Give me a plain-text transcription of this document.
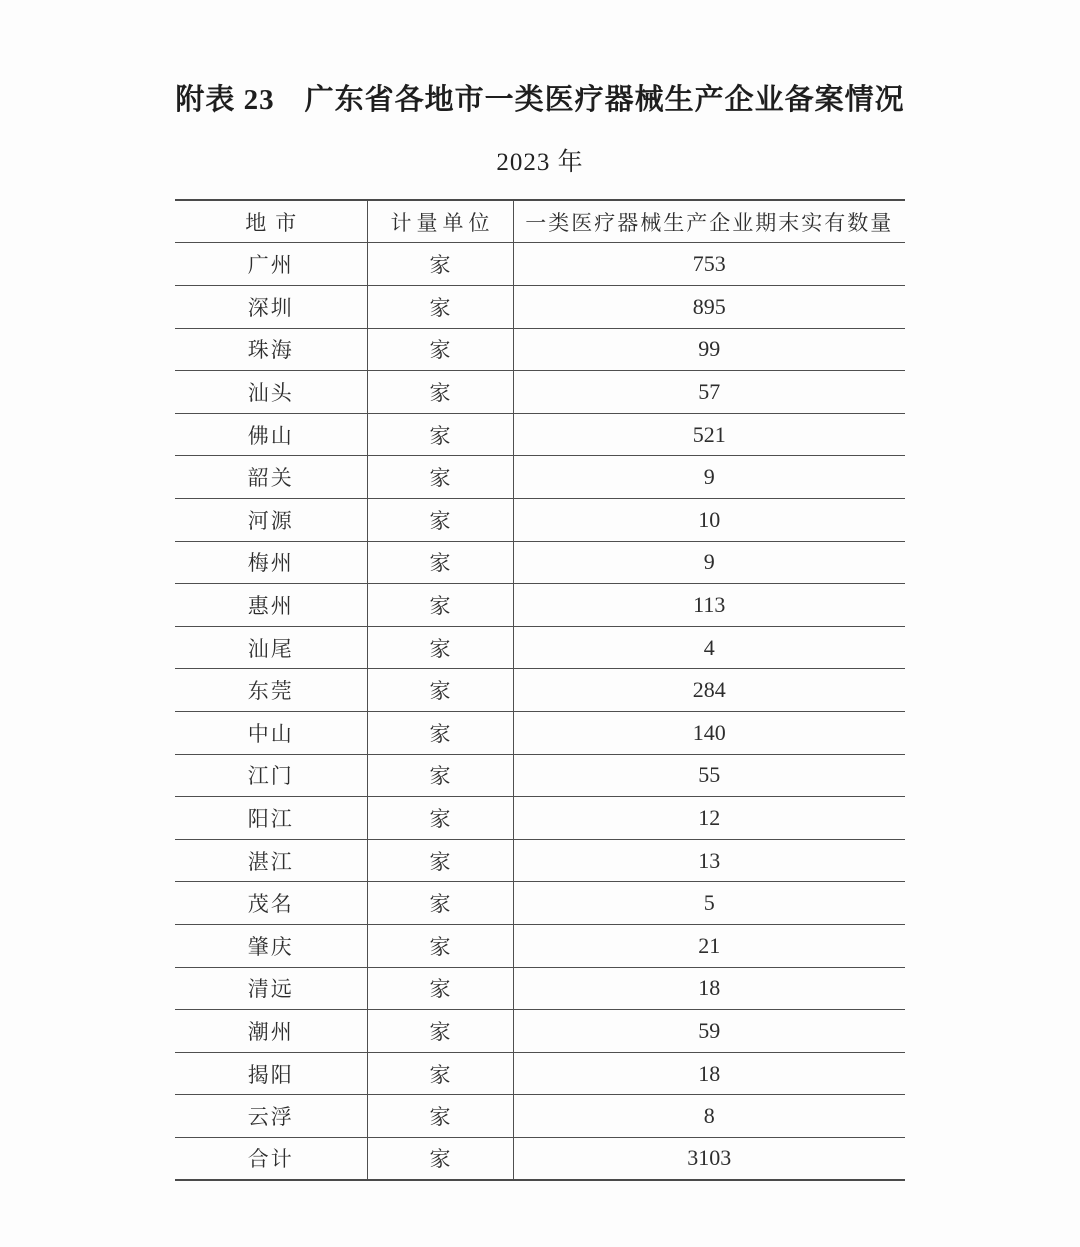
附表 23　广东省各地市一类医疗器械生产企业备案情况
2023 年
地市	计量单位	一类医疗器械生产企业期末实有数量
广州	家	753
深圳	家	895
珠海	家	99
汕头	家	57
佛山	家	521
韶关	家	9
河源	家	10
梅州	家	9
惠州	家	113
汕尾	家	4
东莞	家	284
中山	家	140
江门	家	55
阳江	家	12
湛江	家	13
茂名	家	5
肇庆	家	21
清远	家	18
潮州	家	59
揭阳	家	18
云浮	家	8
合计	家	3103
